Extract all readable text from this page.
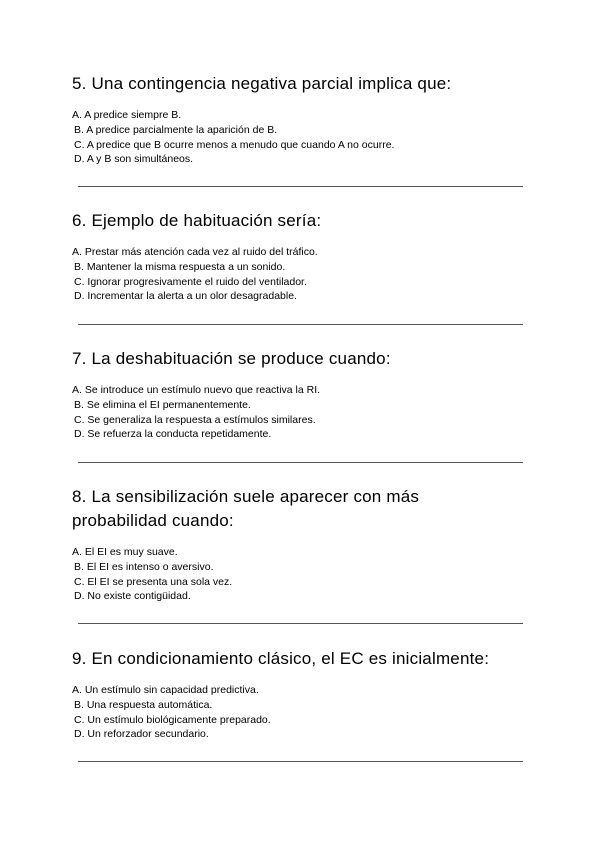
5. Una contingencia negativa parcial implica que:
A. A predice siempre B.
B. A predice parcialmente la aparición de B.
C. A predice que B ocurre menos a menudo que cuando A no ocurre.
D. A y B son simultáneos.
6. Ejemplo de habituación sería:
A. Prestar más atención cada vez al ruido del tráfico.
B. Mantener la misma respuesta a un sonido.
C. Ignorar progresivamente el ruido del ventilador.
D. Incrementar la alerta a un olor desagradable.
7. La deshabituación se produce cuando:
A. Se introduce un estímulo nuevo que reactiva la RI.
B. Se elimina el EI permanentemente.
C. Se generaliza la respuesta a estímulos similares.
D. Se refuerza la conducta repetidamente.
8. La sensibilización suele aparecer con más
probabilidad cuando:
A. El EI es muy suave.
B. El EI es intenso o aversivo.
C. El EI se presenta una sola vez.
D. No existe contigüidad.
9. En condicionamiento clásico, el EC es inicialmente:
A. Un estímulo sin capacidad predictiva.
B. Una respuesta automática.
C. Un estímulo biológicamente preparado.
D. Un reforzador secundario.
